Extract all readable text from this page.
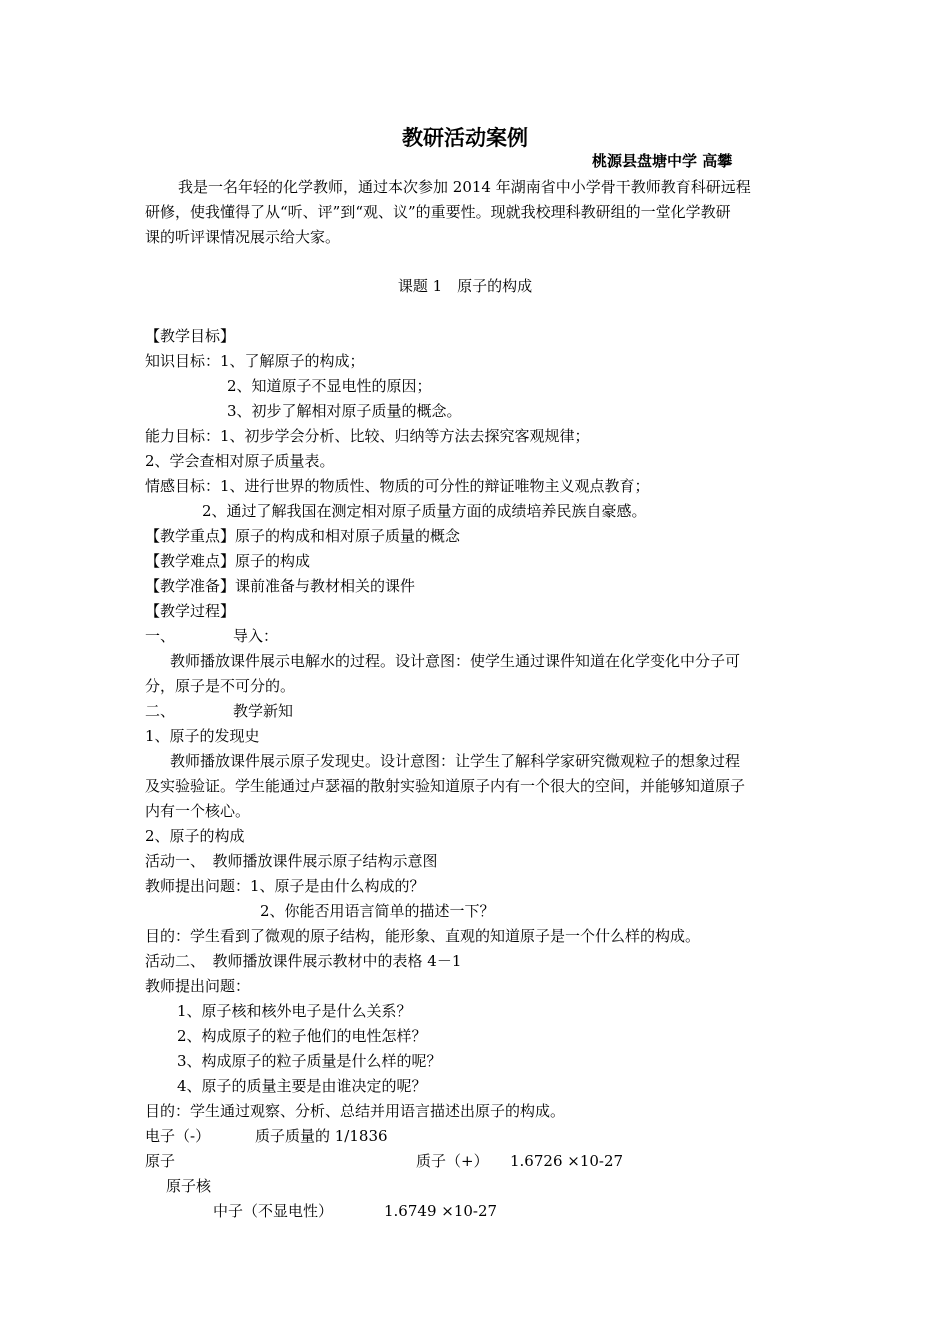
教研活动案例
桃源县盘塘中学 高攀
我是一名年轻的化学教师，通过本次参加 2014 年湖南省中小学骨干教师教育科研远程
研修，使我懂得了从“听、评”到“观、议”的重要性。现就我校理科教研组的一堂化学教研
课的听评课情况展示给大家。
课题 1　原子的构成
【教学目标】
知识目标：1、了解原子的构成；
2、知道原子不显电性的原因；
3、初步了解相对原子质量的概念。
能力目标：1、初步学会分析、比较、归纳等方法去探究客观规律；
2、学会查相对原子质量表。
情感目标：1、进行世界的物质性、物质的可分性的辩证唯物主义观点教育；
2、通过了解我国在测定相对原子质量方面的成绩培养民族自豪感。
【教学重点】原子的构成和相对原子质量的概念
【教学难点】原子的构成
【教学准备】课前准备与教材相关的课件
【教学过程】
一、	导入：
教师播放课件展示电解水的过程。设计意图：使学生通过课件知道在化学变化中分子可
分，原子是不可分的。
二、	教学新知
1、原子的发现史
教师播放课件展示原子发现史。设计意图：让学生了解科学家研究微观粒子的想象过程
及实验验证。学生能通过卢瑟福的散射实验知道原子内有一个很大的空间，并能够知道原子
内有一个核心。
2、原子的构成
活动一、　教师播放课件展示原子结构示意图
教师提出问题：1、原子是由什么构成的？
2、你能否用语言简单的描述一下？
目的：学生看到了微观的原子结构，能形象、直观的知道原子是一个什么样的构成。
活动二、　教师播放课件展示教材中的表格 4－1
教师提出问题：
1、原子核和核外电子是什么关系？
2、构成原子的粒子他们的电性怎样？
3、构成原子的粒子质量是什么样的呢？
4、原子的质量主要是由谁决定的呢？
目的：学生通过观察、分析、总结并用语言描述出原子的构成。
电子（-）	质子质量的 1/1836
原子	质子（+） 1.6726 ×10-27
原子核
中子（不显电性）	1.6749 ×10-27
